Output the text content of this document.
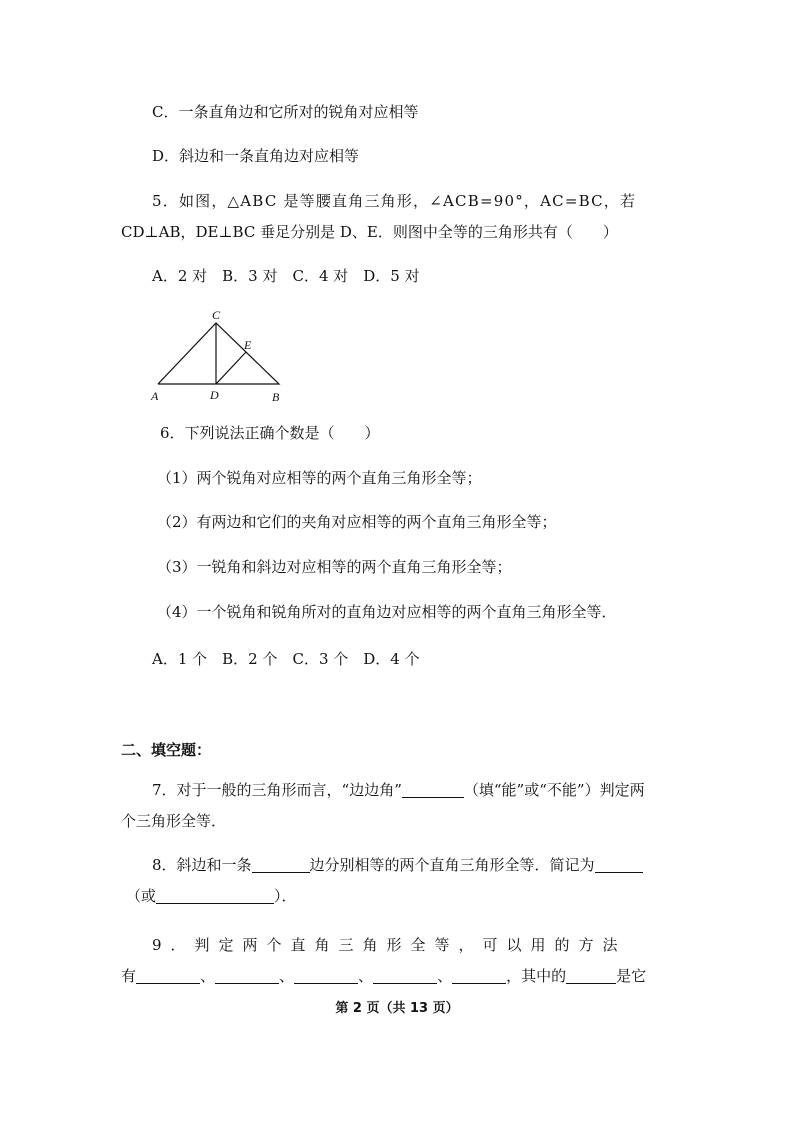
C．一条直角边和它所对的锐角对应相等
D．斜边和一条直角边对应相等
5．如图，△ABC 是等腰直角三角形，∠ACB=90°，AC=BC，若
CD⊥AB，DE⊥BC 垂足分别是 D、E．则图中全等的三角形共有（　　）
A．2 对　B．3 对　C．4 对　D．5 对
C
E
A	D	B
6．下列说法正确个数是（　　）
（1）两个锐角对应相等的两个直角三角形全等；
（2）有两边和它们的夹角对应相等的两个直角三角形全等；
（3）一锐角和斜边对应相等的两个直角三角形全等；
（4）一个锐角和锐角所对的直角边对应相等的两个直角三角形全等．
A．1 个　B．2 个　C．3 个　D．4 个
二、填空题：
7．对于一般的三角形而言，“边边角”	（填“能”或“不能”）判定两
个三角形全等．
8．斜边和一条	边分别相等的两个直角三角形全等．简记为
（或	）．
9．判定两个直角三角形全等，可以用的方法
有	、	、	、	、	，其中的	是它
第 2 页（共 13 页）
